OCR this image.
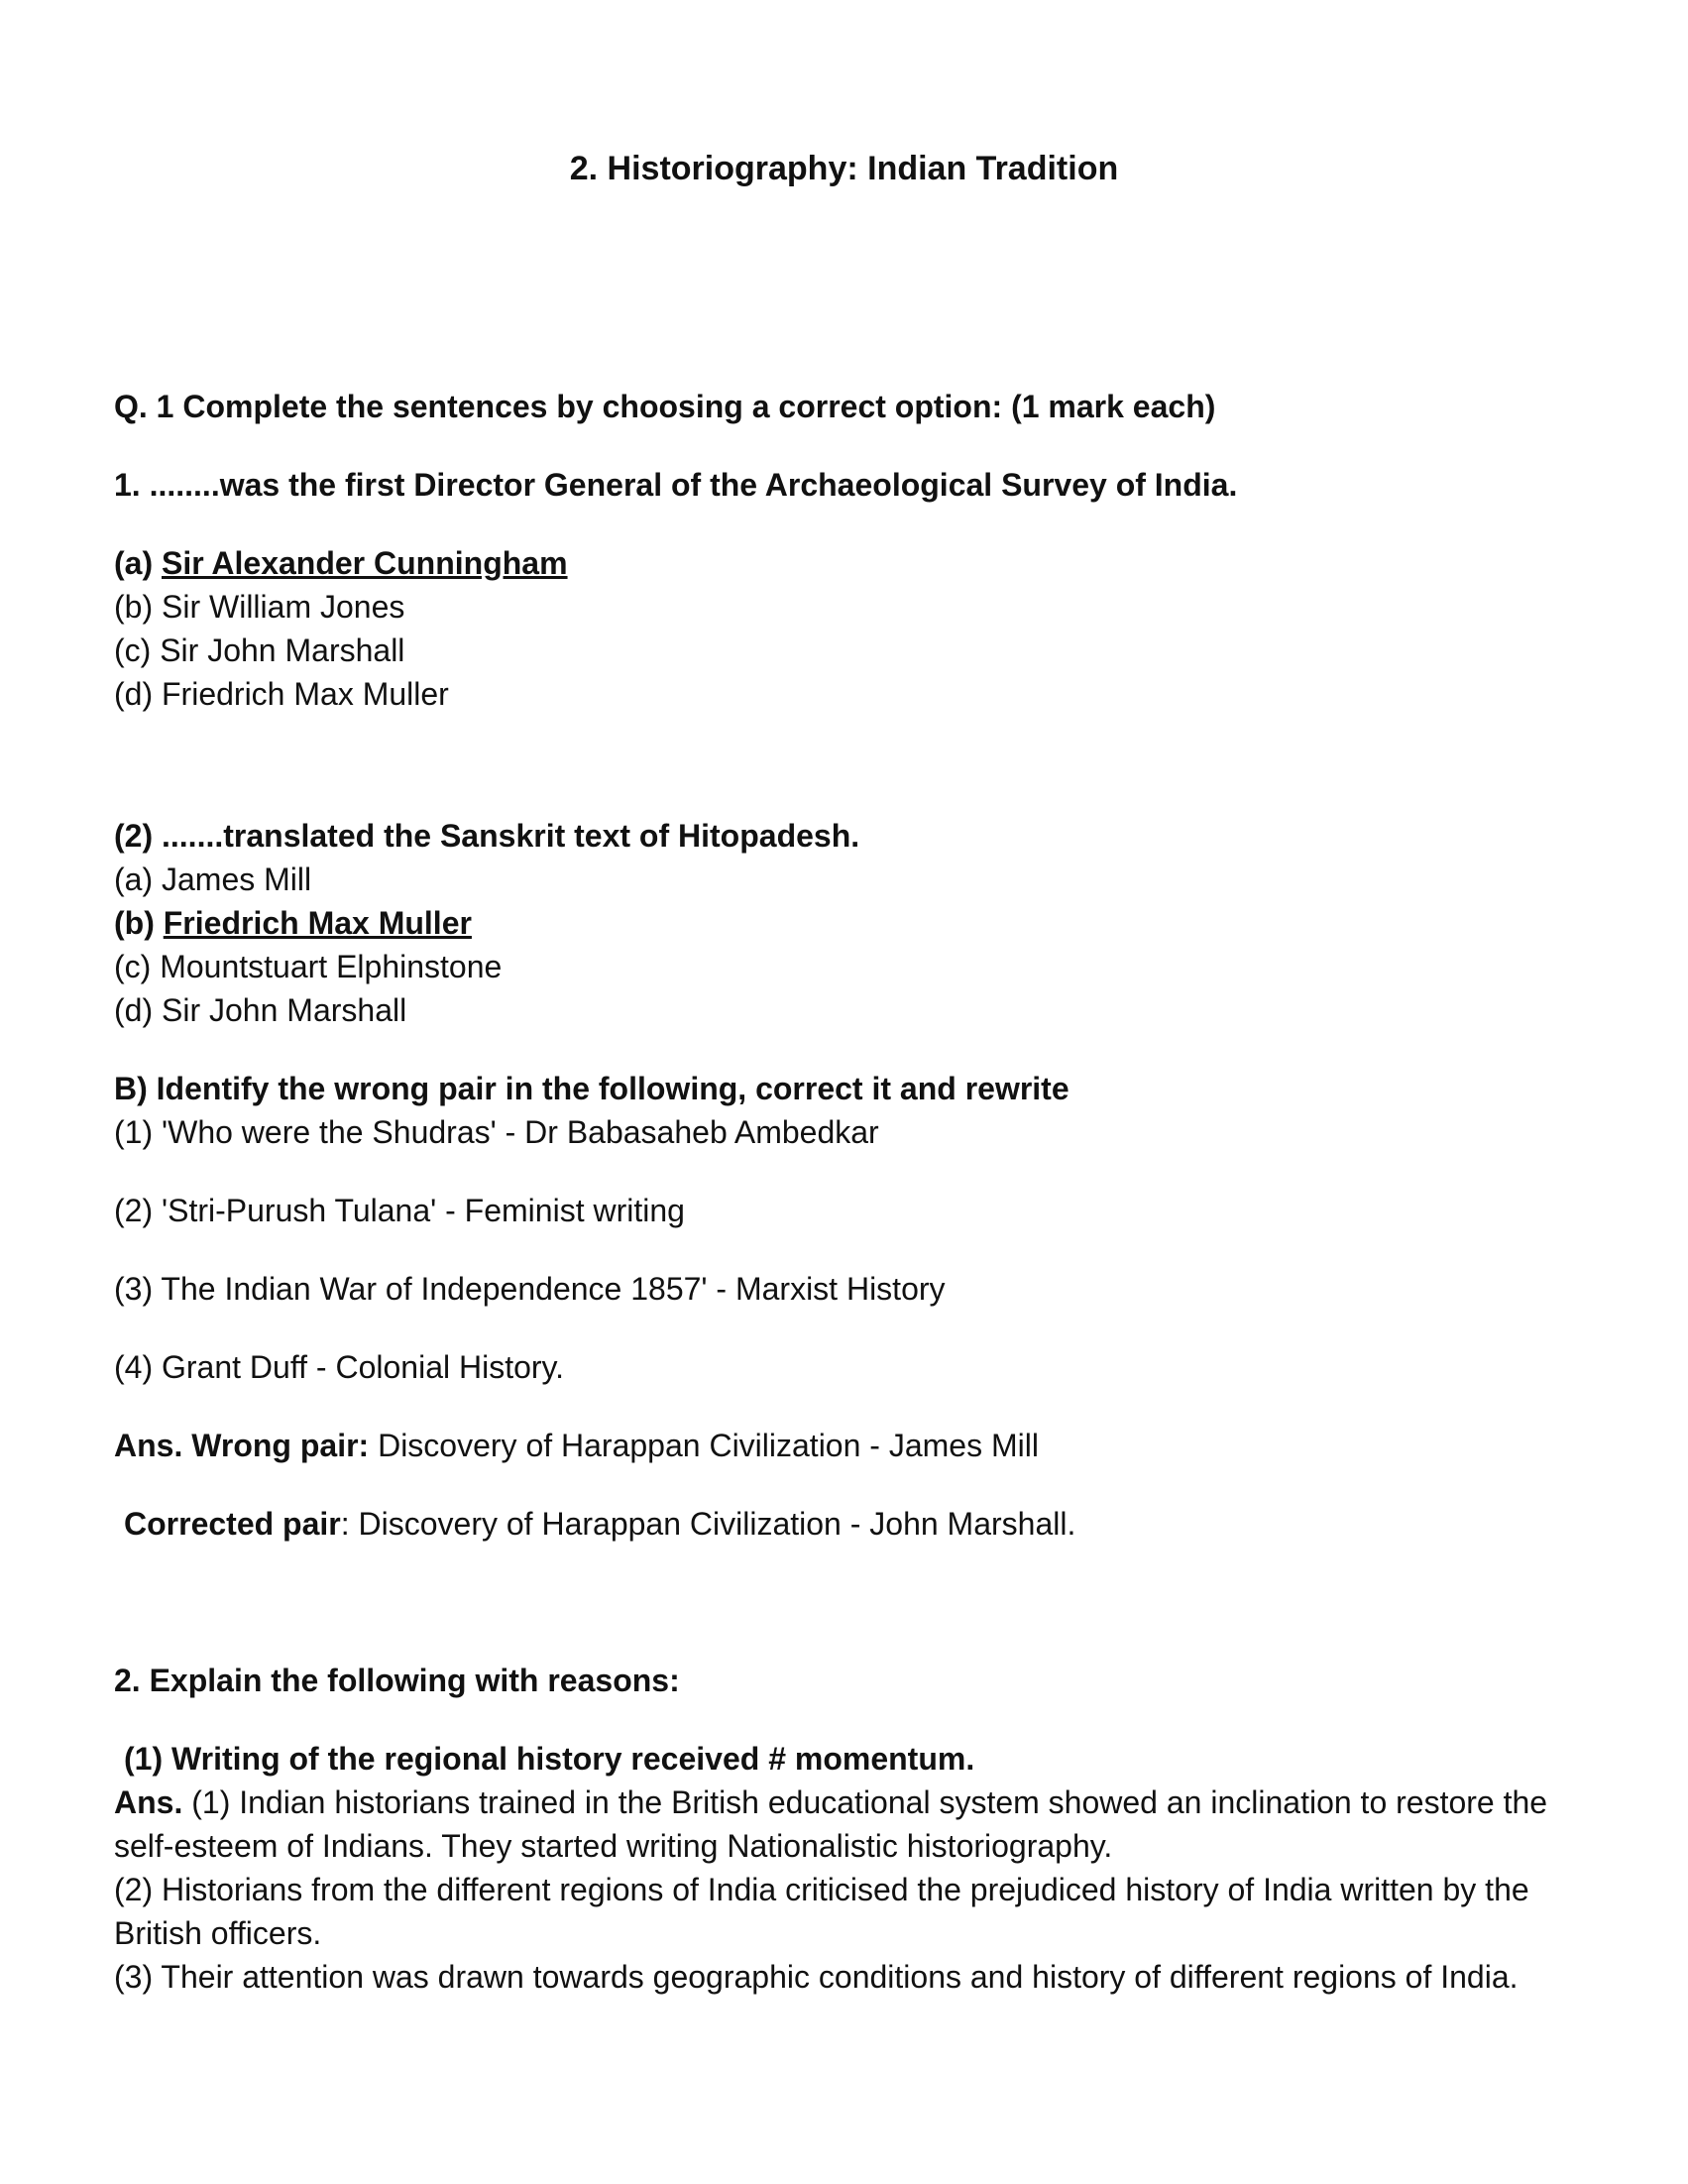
2. Historiography: Indian Tradition

Q. 1 Complete the sentences by choosing a correct option: (1 mark each)

1. ........was the first Director General of the Archaeological Survey of India.

(a) Sir Alexander Cunningham

(b) Sir William Jones

(c) Sir John Marshall

(d) Friedrich Max Muller

(2) .......translated the Sanskrit text of Hitopadesh.

(a) James Mill

(b) Friedrich Max Muller

(c) Mountstuart Elphinstone

(d) Sir John Marshall

B) Identify the wrong pair in the following, correct it and rewrite

(1) 'Who were the Shudras' - Dr Babasaheb Ambedkar

(2) 'Stri-Purush Tulana' - Feminist writing

(3) The Indian War of Independence 1857' - Marxist History

(4) Grant Duff - Colonial History.

Ans. Wrong pair: Discovery of Harappan Civilization - James Mill

Corrected pair: Discovery of Harappan Civilization - John Marshall.

2. Explain the following with reasons:

(1) Writing of the regional history received # momentum.

Ans. (1) Indian historians trained in the British educational system showed an inclination to restore the self-esteem of Indians. They started writing Nationalistic historiography.

(2) Historians from the different regions of India criticised the prejudiced history of India written by the British officers.

(3) Their attention was drawn towards geographic conditions and history of different regions of India.
